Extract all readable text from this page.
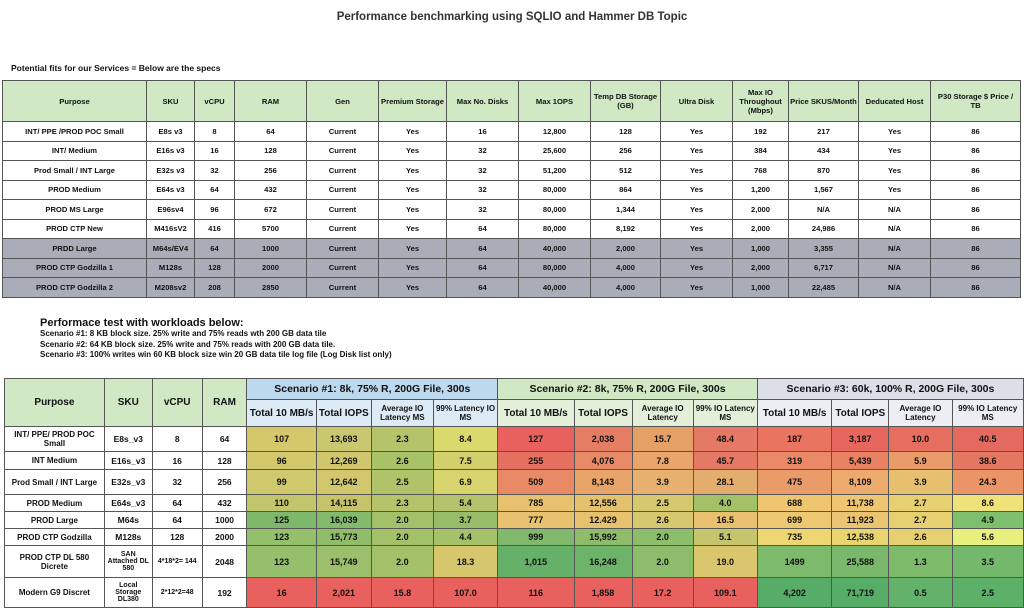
Performance benchmarking using SQLIO and Hammer DB Topic
Potential fits for our Services = Below are the specs
Purpose	SKU	vCPU	RAM	Gen	Premium Storage	Max No. Disks	Max 1OPS	Temp DB Storage (GB)	Ultra Disk	Max IO Throughout (Mbps)	Price SKUS/Month	Deducated Host	P30 Storage $ Price / TB
INT/ PPE /PROD POC Small	E8s v3	8	64	Current	Yes	16	12,800	128	Yes	192	217	Yes	86
INT/ Medium	E16s v3	16	128	Current	Yes	32	25,600	256	Yes	384	434	Yes	86
Prod Small / INT Large	E32s v3	32	256	Current	Yes	32	51,200	512	Yes	768	870	Yes	86
PROD Medium	E64s v3	64	432	Current	Yes	32	80,000	864	Yes	1,200	1,567	Yes	86
PROD MS Large	E96sv4	96	672	Current	Yes	32	80,000	1,344	Yes	2,000	N/A	N/A	86
PROD CTP New	M416sV2	416	5700	Current	Yes	64	80,000	8,192	Yes	2,000	24,986	N/A	86
PRDD Large	M64s/EV4	64	1000	Current	Yes	64	40,000	2,000	Yes	1,000	3,355	N/A	86
PROD CTP Godzilla 1	M128s	128	2000	Current	Yes	64	80,000	4,000	Yes	2,000	6,717	N/A	86
PROD CTP Godzilla 2	M208sv2	208	2850	Current	Yes	64	40,000	4,000	Yes	1,000	22,485	N/A	86
Performace test with workloads below:
Scenario #1: 8 KB block size. 25% write and 75% reads wth 200 GB data tile
Scenario #2: 64 KB block size. 25% write and 75% reads with 200 GB data tile.
Scenario #3: 100% writes win 60 KB block size win 20 GB data tile log file (Log Disk list only)
Purpose	SKU	vCPU	RAM	Scenario #1: 8k, 75% R, 200G File, 300s				Scenario #2: 8k, 75% R, 200G File, 300s				Scenario #3: 60k, 100% R, 200G File, 300s			
				Total 10 MB/s	Total IOPS	Average IO Latency MS	99% Latency IO MS	Total 10 MB/s	Total IOPS	Average IO Latency	99% IO Latency MS	Total 10 MB/s	Total IOPS	Average IO Latency	99% IO Latency MS
INT/ PPE/ PROD POC Small	E8s_v3	8	64	107	13,693	2.3	8.4	127	2,038	15.7	48.4	187	3,187	10.0	40.5
INT Medium	E16s_v3	16	128	96	12,269	2.6	7.5	255	4,076	7.8	45.7	319	5,439	5.9	38.6
Prod Small / INT Large	E32s_v3	32	256	99	12,642	2.5	6.9	509	8,143	3.9	28.1	475	8,109	3.9	24.3
PROD Medium	E64s_v3	64	432	110	14,115	2.3	5.4	785	12,556	2.5	4.0	688	11,738	2.7	8.6
PROD Large	M64s	64	1000	125	16,039	2.0	3.7	777	12.429	2.6	16.5	699	11,923	2.7	4.9
PROD CTP Godzilla	M128s	128	2000	123	15,773	2.0	4.4	999	15,992	2.0	5.1	735	12,538	2.6	5.6
PROD CTP DL 580 Dicrete	SAN Attached DL 580	4*18*2= 144	2048	123	15,749	2.0	18.3	1,015	16,248	2.0	19.0	1499	25,588	1.3	3.5
Modern G9 Discret	Local Storage DL380	2*12*2=48	192	16	2,021	15.8	107.0	116	1,858	17.2	109.1	4,202	71,719	0.5	2.5
